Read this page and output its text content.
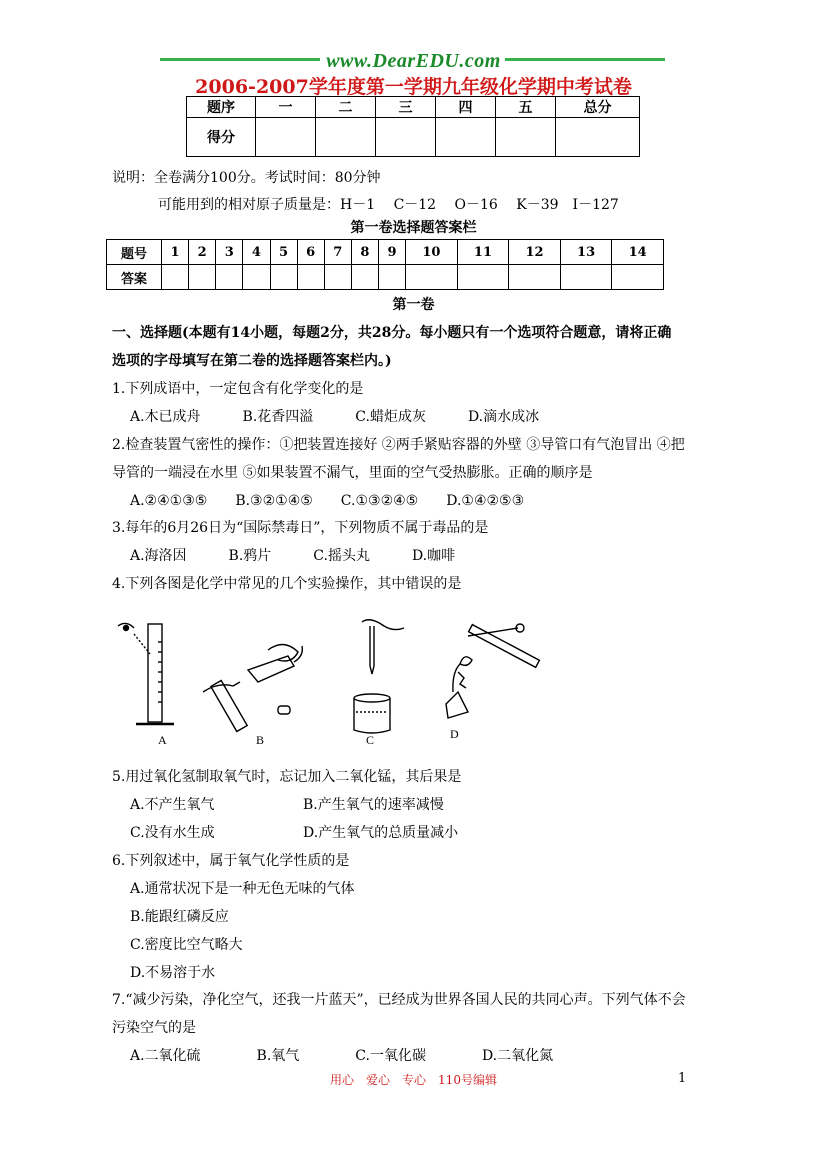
www.DearEDU.com
2006-2007学年度第一学期九年级化学期中考试卷
题序	一	二	三	四	五	总分
得分						
说明：全卷满分100分。考试时间：80分钟
可能用到的相对原子质量是：H－1　 C－12　 O－16　 K－39　I－127
第一卷选择题答案栏
题号	1	2	3	4	5	6	7	8	9	10	11	12	13	14
答案														
第一卷
一、选择题(本题有14小题，每题2分，共28分。每小题只有一个选项符合题意，请将正确
选项的字母填写在第二卷的选择题答案栏内。)
1.下列成语中，一定包含有化学变化的是
A.木已成舟　　　B.花香四溢　　　C.蜡炬成灰　　　D.滴水成冰
2.检查装置气密性的操作：①把装置连接好 ②两手紧贴容器的外壁 ③导管口有气泡冒出 ④把
导管的一端浸在水里 ⑤如果装置不漏气，里面的空气受热膨胀。正确的顺序是
A.②④①③⑤　　B.③②①④⑤　　C.①③②④⑤　　D.①④②⑤③
3.每年的6月26日为“国际禁毒日”，下列物质不属于毒品的是
A.海洛因　　　B.鸦片　　　C.摇头丸　　　D.咖啡
4.下列各图是化学中常见的几个实验操作，其中错误的是
A	B	C	D
5.用过氧化氢制取氧气时，忘记加入二氧化锰，其后果是
A.不产生氧气	B.产生氧气的速率减慢
C.没有水生成	D.产生氧气的总质量减小
6.下列叙述中，属于氧气化学性质的是
A.通常状况下是一种无色无味的气体
B.能跟红磷反应
C.密度比空气略大
D.不易溶于水
7.“减少污染，净化空气，还我一片蓝天”，已经成为世界各国人民的共同心声。下列气体不会
污染空气的是
A.二氧化硫　　　　B.氧气　　　　C.一氧化碳　　　　D.二氧化氮
用心　爱心　专心　110号编辑	1
